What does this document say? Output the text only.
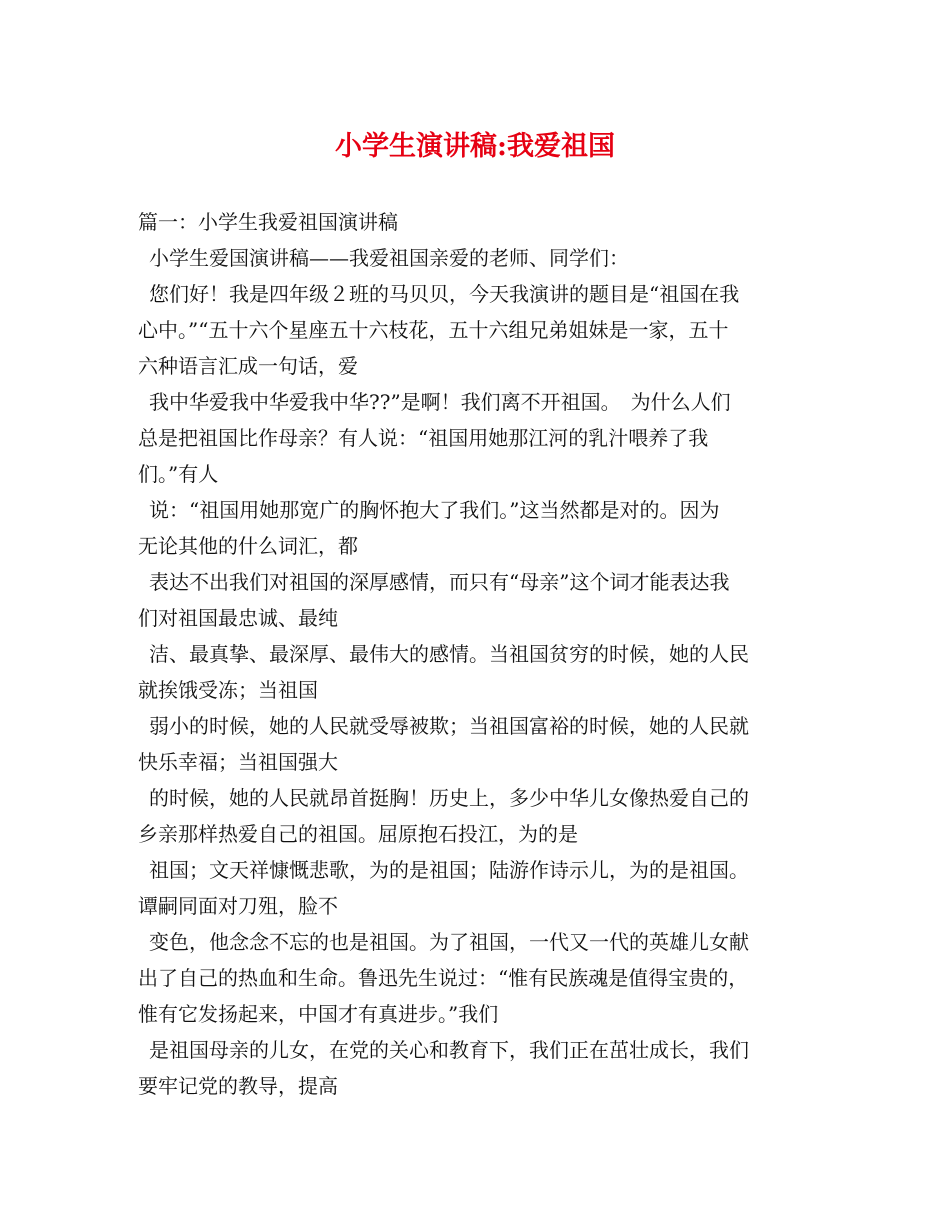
小学生演讲稿:我爱祖国
篇一：小学生我爱祖国演讲稿
小学生爱国演讲稿——我爱祖国亲爱的老师、同学们：
您们好！我是四年级２班的马贝贝，今天我演讲的题目是“祖国在我
心中。”“五十六个星座五十六枝花，五十六组兄弟姐妹是一家，五十
六种语言汇成一句话，爱
我中华爱我中华爱我中华??”是啊！我们离不开祖国。　为什么人们
总是把祖国比作母亲？有人说：“祖国用她那江河的乳汁喂养了我
们。”有人
说：“祖国用她那宽广的胸怀抱大了我们。”这当然都是对的。因为
无论其他的什么词汇，都
表达不出我们对祖国的深厚感情，而只有“母亲”这个词才能表达我
们对祖国最忠诚、最纯
洁、最真挚、最深厚、最伟大的感情。当祖国贫穷的时候，她的人民
就挨饿受冻；当祖国
弱小的时候，她的人民就受辱被欺；当祖国富裕的时候，她的人民就
快乐幸福；当祖国强大
的时候，她的人民就昂首挺胸！历史上，多少中华儿女像热爱自己的
乡亲那样热爱自己的祖国。屈原抱石投江，为的是
祖国；文天祥慷慨悲歌，为的是祖国；陆游作诗示儿，为的是祖国。
谭嗣同面对刀殂，脸不
变色，他念念不忘的也是祖国。为了祖国，一代又一代的英雄儿女献
出了自己的热血和生命。鲁迅先生说过：“惟有民族魂是值得宝贵的，
惟有它发扬起来，中国才有真进步。”我们
是祖国母亲的儿女，在党的关心和教育下，我们正在茁壮成长，我们
要牢记党的教导，提高
